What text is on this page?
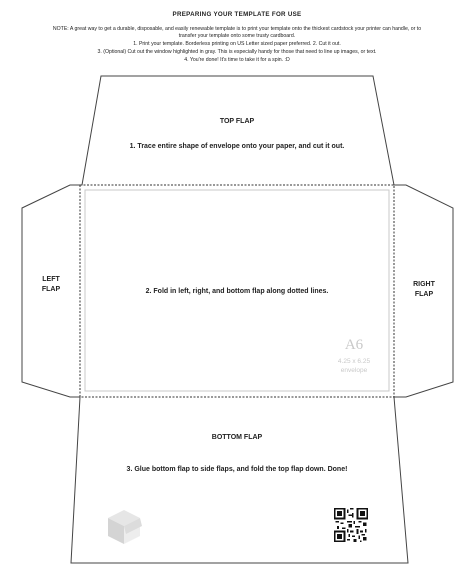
PREPARING YOUR TEMPLATE FOR USE
NOTE: A great way to get a durable, disposable, and easily renewable template is to print your template onto the thickest cardstock your printer can handle, or to
transfer your template onto some trusty cardboard.
1. Print your template. Borderless printing on US Letter sized paper preferred. 2. Cut it out.
3. (Optional) Cut out the window highlighted in gray. This is especially handy for those that need to line up images, or text.
4. You're done! It's time to take it for a spin. :D
TOP FLAP
1. Trace entire shape of envelope onto your paper, and cut it out.
LEFT
FLAP
RIGHT
FLAP
2. Fold in left, right, and bottom flap along dotted lines.
A6
4.25 x 6.25
envelope
BOTTOM FLAP
3. Glue bottom flap to side flaps, and fold the top flap down. Done!
